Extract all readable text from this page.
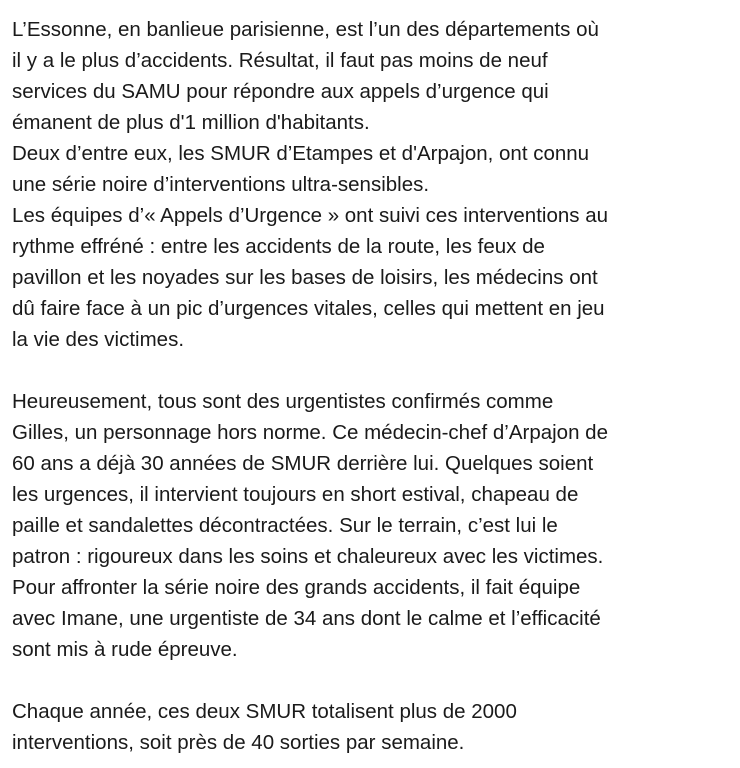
L’Essonne, en banlieue parisienne, est l’un des départements où
il y a le plus d’accidents. Résultat, il faut pas moins de neuf
services du SAMU pour répondre aux appels d’urgence qui
émanent de plus d'1 million d'habitants.
Deux d’entre eux, les SMUR d’Etampes et d'Arpajon, ont connu
une série noire d’interventions ultra-sensibles.
Les équipes d’« Appels d’Urgence » ont suivi ces interventions au
rythme effréné : entre les accidents de la route, les feux de
pavillon et les noyades sur les bases de loisirs, les médecins ont
dû faire face à un pic d’urgences vitales, celles qui mettent en jeu
la vie des victimes.

Heureusement, tous sont des urgentistes confirmés comme
Gilles, un personnage hors norme. Ce médecin-chef d’Arpajon de
60 ans a déjà 30 années de SMUR derrière lui. Quelques soient
les urgences, il intervient toujours en short estival, chapeau de
paille et sandalettes décontractées. Sur le terrain, c’est lui le
patron : rigoureux dans les soins et chaleureux avec les victimes.
Pour affronter la série noire des grands accidents, il fait équipe
avec Imane, une urgentiste de 34 ans dont le calme et l’efficacité
sont mis à rude épreuve.

Chaque année, ces deux SMUR totalisent plus de 2000
interventions, soit près de 40 sorties par semaine.
